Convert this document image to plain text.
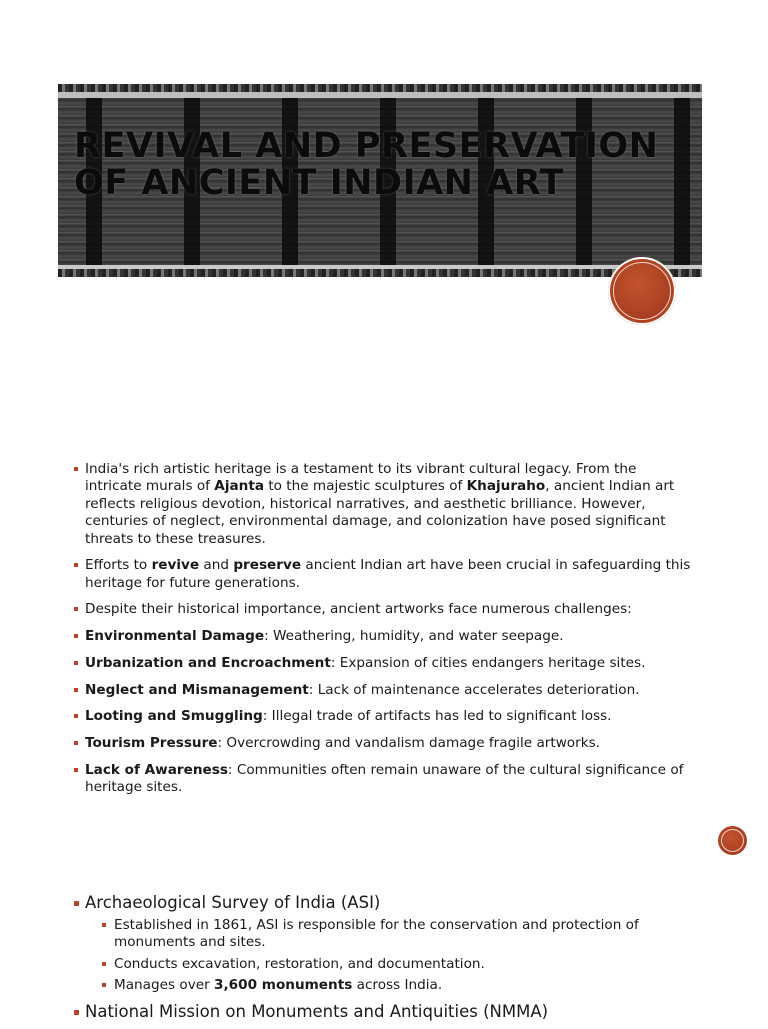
REVIVAL AND PRESERVATION OF ANCIENT INDIAN ART
India's rich artistic heritage is a testament to its vibrant cultural legacy. From the intricate murals of Ajanta to the majestic sculptures of Khajuraho, ancient Indian art reflects religious devotion, historical narratives, and aesthetic brilliance. However, centuries of neglect, environmental damage, and colonization have posed significant threats to these treasures.
Efforts to revive and preserve ancient Indian art have been crucial in safeguarding this heritage for future generations.
Despite their historical importance, ancient artworks face numerous challenges:
Environmental Damage: Weathering, humidity, and water seepage.
Urbanization and Encroachment: Expansion of cities endangers heritage sites.
Neglect and Mismanagement: Lack of maintenance accelerates deterioration.
Looting and Smuggling: Illegal trade of artifacts has led to significant loss.
Tourism Pressure: Overcrowding and vandalism damage fragile artworks.
Lack of Awareness: Communities often remain unaware of the cultural significance of heritage sites.
Archaeological Survey of India (ASI)
Established in 1861, ASI is responsible for the conservation and protection of monuments and sites.
Conducts excavation, restoration, and documentation.
Manages over 3,600 monuments across India.
National Mission on Monuments and Antiquities (NMMA)
